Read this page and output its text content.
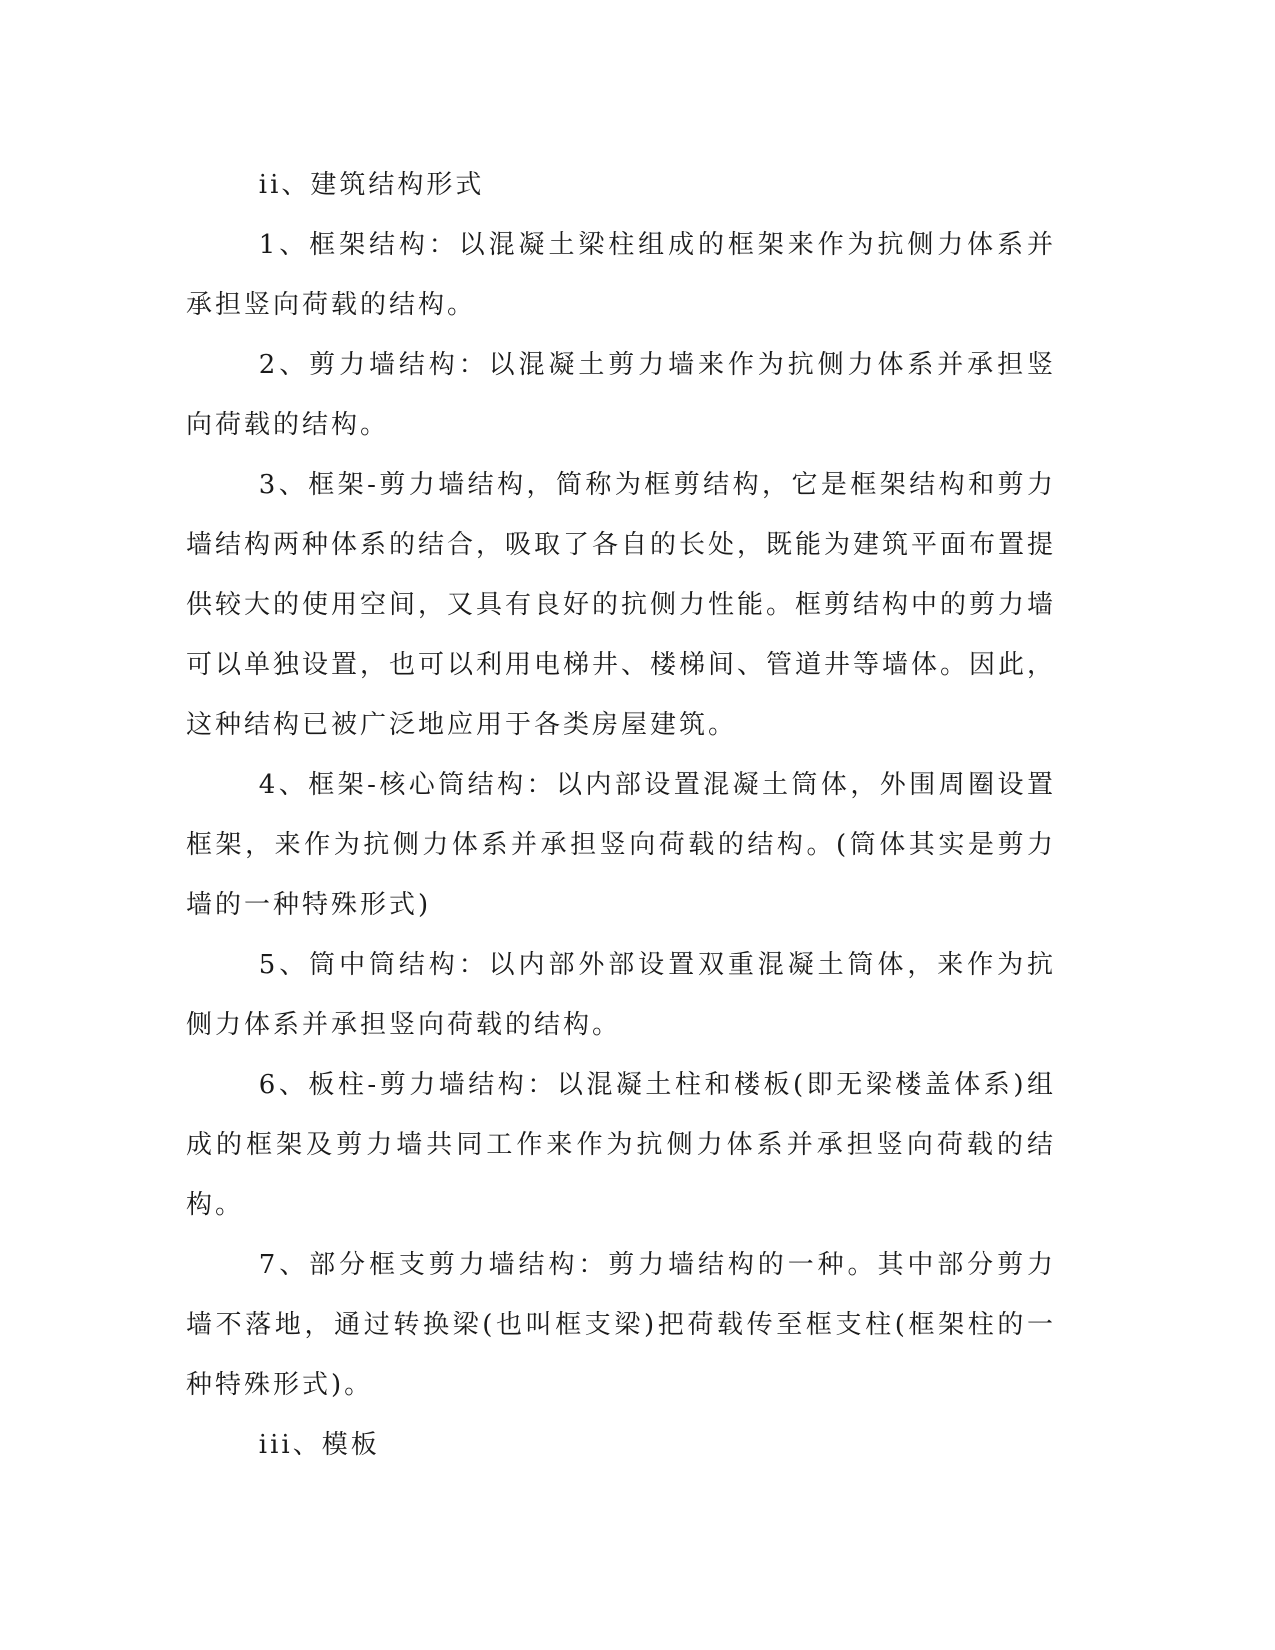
ii、建筑结构形式

1、框架结构：以混凝土梁柱组成的框架来作为抗侧力体系并承担竖向荷载的结构。

2、剪力墙结构：以混凝土剪力墙来作为抗侧力体系并承担竖向荷载的结构。

3、框架-剪力墙结构，简称为框剪结构，它是框架结构和剪力墙结构两种体系的结合，吸取了各自的长处，既能为建筑平面布置提供较大的使用空间，又具有良好的抗侧力性能。框剪结构中的剪力墙可以单独设置，也可以利用电梯井、楼梯间、管道井等墙体。因此，这种结构已被广泛地应用于各类房屋建筑。

4、框架-核心筒结构：以内部设置混凝土筒体，外围周圈设置框架，来作为抗侧力体系并承担竖向荷载的结构。(筒体其实是剪力墙的一种特殊形式)

5、筒中筒结构：以内部外部设置双重混凝土筒体，来作为抗侧力体系并承担竖向荷载的结构。

6、板柱-剪力墙结构：以混凝土柱和楼板(即无梁楼盖体系)组成的框架及剪力墙共同工作来作为抗侧力体系并承担竖向荷载的结构。

7、部分框支剪力墙结构：剪力墙结构的一种。其中部分剪力墙不落地，通过转换梁(也叫框支梁)把荷载传至框支柱(框架柱的一种特殊形式)。

iii、模板
